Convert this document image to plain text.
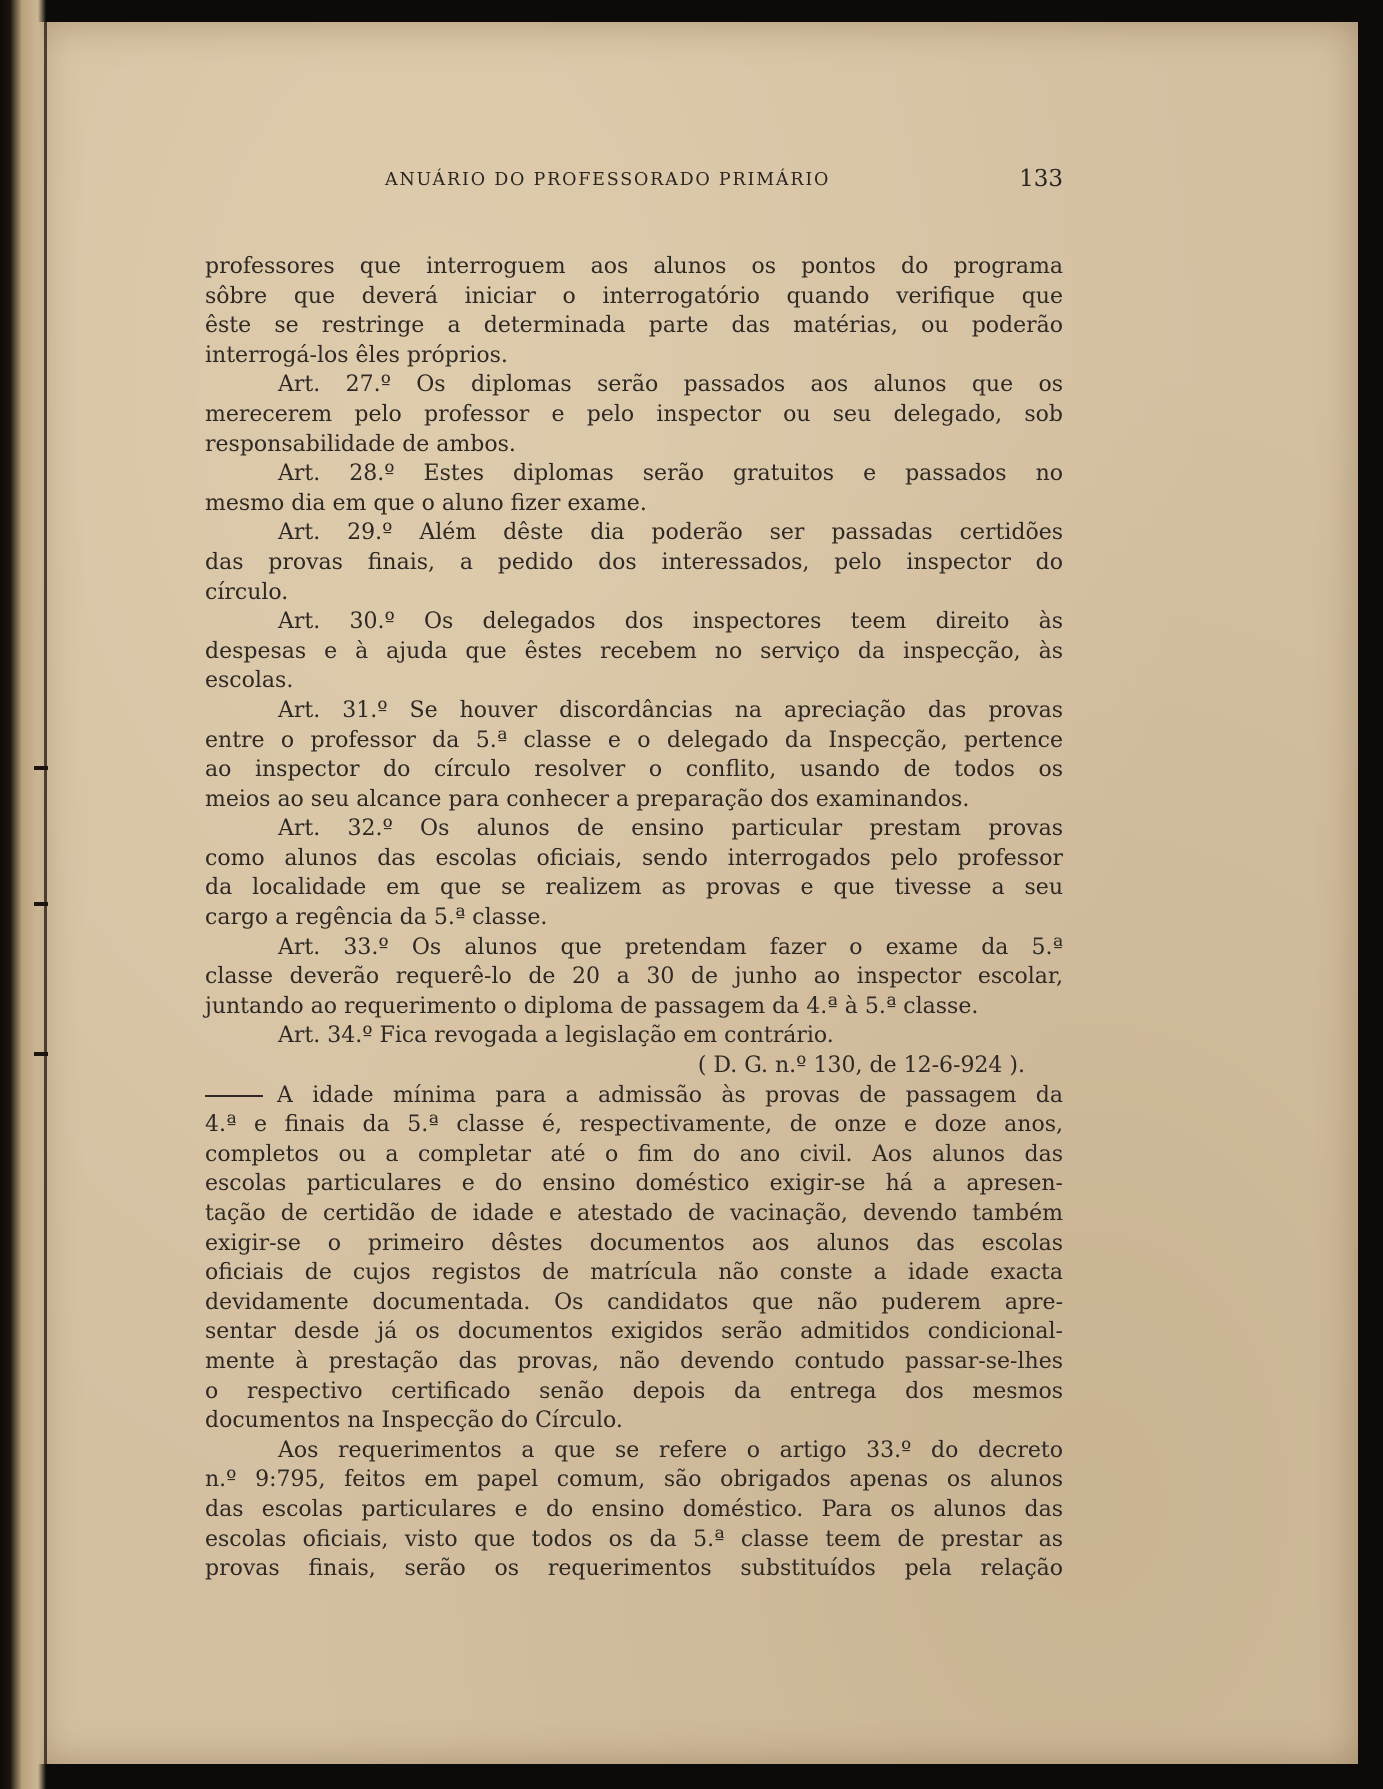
ANUÁRIO DO PROFESSORADO PRIMÁRIO	133
professores que interroguem aos alunos os pontos do programa
sôbre que deverá iniciar o interrogatório quando verifique que
êste se restringe a determinada parte das matérias, ou poderão
interrogá-los êles próprios.
Art. 27.º Os diplomas serão passados aos alunos que os
merecerem pelo professor e pelo inspector ou seu delegado, sob
responsabilidade de ambos.
Art. 28.º Estes diplomas serão gratuitos e passados no
mesmo dia em que o aluno fizer exame.
Art. 29.º Além dêste dia poderão ser passadas certidões
das provas finais, a pedido dos interessados, pelo inspector do
círculo.
Art. 30.º Os delegados dos inspectores teem direito às
despesas e à ajuda que êstes recebem no serviço da inspecção, às
escolas.
Art. 31.º Se houver discordâncias na apreciação das provas
entre o professor da 5.ª classe e o delegado da Inspecção, pertence
ao inspector do círculo resolver o conflito, usando de todos os
meios ao seu alcance para conhecer a preparação dos examinandos.
Art. 32.º Os alunos de ensino particular prestam provas
como alunos das escolas oficiais, sendo interrogados pelo professor
da localidade em que se realizem as provas e que tivesse a seu
cargo a regência da 5.ª classe.
Art. 33.º Os alunos que pretendam fazer o exame da 5.ª
classe deverão requerê-lo de 20 a 30 de junho ao inspector escolar,
juntando ao requerimento o diploma de passagem da 4.ª à 5.ª classe.
Art. 34.º Fica revogada a legislação em contrário.
( D. G. n.º 130, de 12-6-924 ).
A idade mínima para a admissão às provas de passagem da
4.ª e finais da 5.ª classe é, respectivamente, de onze e doze anos,
completos ou a completar até o fim do ano civil. Aos alunos das
escolas particulares e do ensino doméstico exigir-se há a apresen-
tação de certidão de idade e atestado de vacinação, devendo também
exigir-se o primeiro dêstes documentos aos alunos das escolas
oficiais de cujos registos de matrícula não conste a idade exacta
devidamente documentada. Os candidatos que não puderem apre-
sentar desde já os documentos exigidos serão admitidos condicional-
mente à prestação das provas, não devendo contudo passar-se-lhes
o respectivo certificado senão depois da entrega dos mesmos
documentos na Inspecção do Círculo.
Aos requerimentos a que se refere o artigo 33.º do decreto
n.º 9:795, feitos em papel comum, são obrigados apenas os alunos
das escolas particulares e do ensino doméstico. Para os alunos das
escolas oficiais, visto que todos os da 5.ª classe teem de prestar as
provas finais, serão os requerimentos substituídos pela relação
